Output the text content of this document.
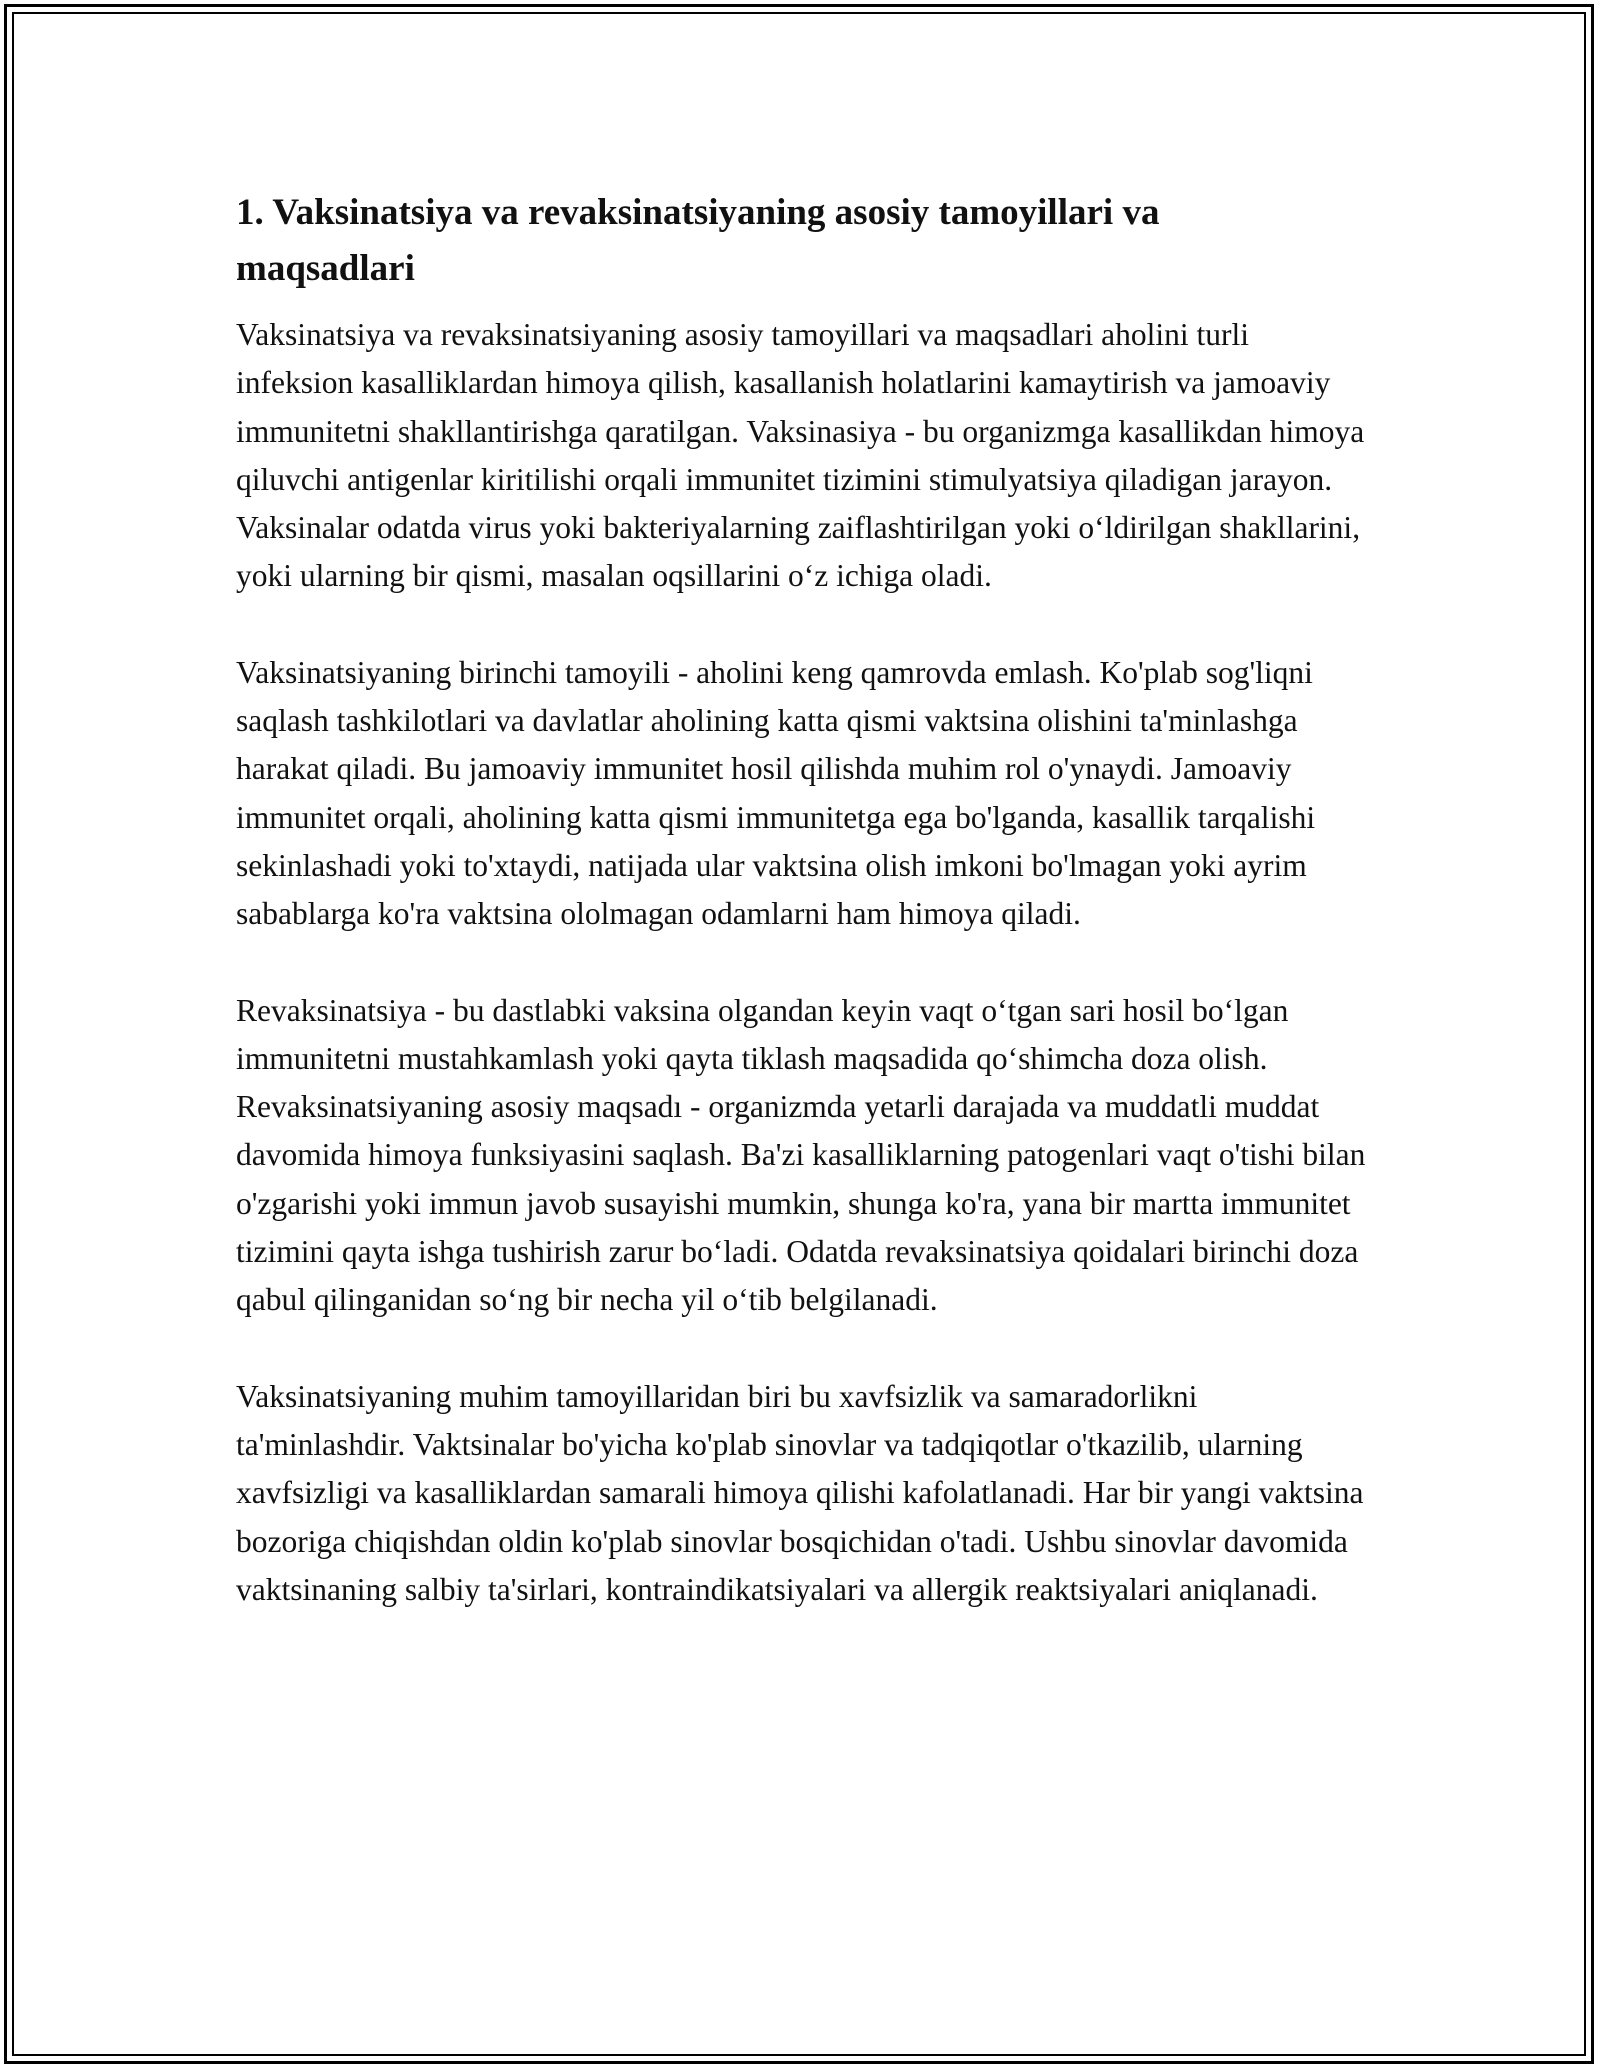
1. Vaksinatsiya va revaksinatsiyaning asosiy tamoyillari va
maqsadlari

Vaksinatsiya va revaksinatsiyaning asosiy tamoyillari va maqsadlari aholini turli infeksion kasalliklardan himoya qilish, kasallanish holatlarini kamaytirish va jamoaviy immunitetni shakllantirishga qaratilgan. Vaksinasiya - bu organizmga kasallikdan himoya qiluvchi antigenlar kiritilishi orqali immunitet tizimini stimulyatsiya qiladigan jarayon. Vaksinalar odatda virus yoki bakteriyalarning zaiflashtirilgan yoki o‘ldirilgan shakllarini, yoki ularning bir qismi, masalan oqsillarini o‘z ichiga oladi.

Vaksinatsiyaning birinchi tamoyili - aholini keng qamrovda emlash. Ko'plab sog'liqni saqlash tashkilotlari va davlatlar aholining katta qismi vaktsina olishini ta'minlashga harakat qiladi. Bu jamoaviy immunitet hosil qilishda muhim rol o'ynaydi. Jamoaviy immunitet orqali, aholining katta qismi immunitetga ega bo'lganda, kasallik tarqalishi sekinlashadi yoki to'xtaydi, natijada ular vaktsina olish imkoni bo'lmagan yoki ayrim sabablarga ko'ra vaktsina ololmagan odamlarni ham himoya qiladi.

Revaksinatsiya - bu dastlabki vaksina olgandan keyin vaqt o‘tgan sari hosil bo‘lgan immunitetni mustahkamlash yoki qayta tiklash maqsadida qo‘shimcha doza olish. Revaksinatsiyaning asosiy maqsadı - organizmda yetarli darajada va muddatli muddat davomida himoya funksiyasini saqlash. Ba'zi kasalliklarning patogenlari vaqt o'tishi bilan o'zgarishi yoki immun javob susayishi mumkin, shunga ko'ra, yana bir martta immunitet tizimini qayta ishga tushirish zarur bo‘ladi. Odatda revaksinatsiya qoidalari birinchi doza qabul qilinganidan so‘ng bir necha yil o‘tib belgilanadi.

Vaksinatsiyaning muhim tamoyillaridan biri bu xavfsizlik va samaradorlikni ta'minlashdir. Vaktsinalar bo'yicha ko'plab sinovlar va tadqiqotlar o'tkazilib, ularning xavfsizligi va kasalliklardan samarali himoya qilishi kafolatlanadi. Har bir yangi vaktsina bozoriga chiqishdan oldin ko'plab sinovlar bosqichidan o'tadi. Ushbu sinovlar davomida vaktsinaning salbiy ta'sirlari, kontraindikatsiyalari va allergik reaktsiyalari aniqlanadi.
